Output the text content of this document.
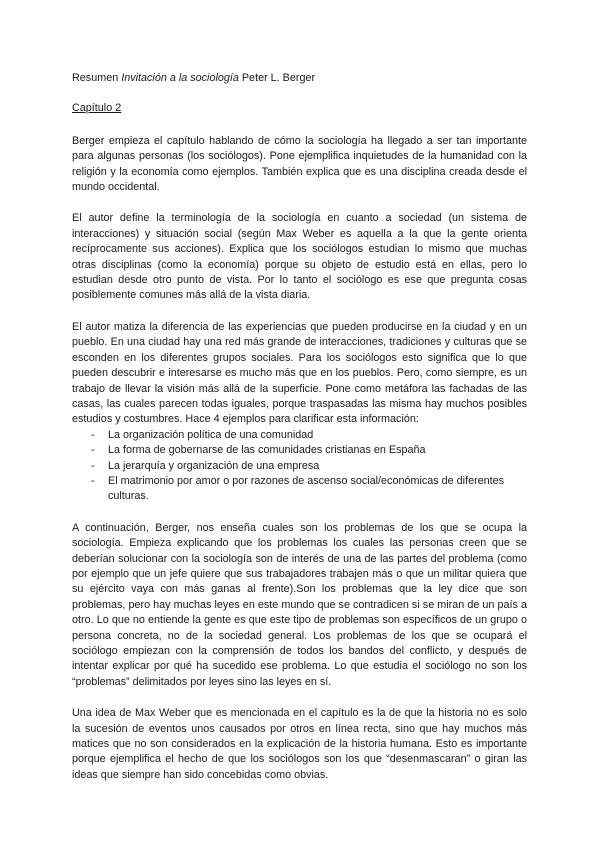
Resumen Invitación a la sociología Peter L. Berger

Capítulo 2

Berger empieza el capítulo hablando de cómo la sociología ha llegado a ser tan importante para algunas personas (los sociólogos). Pone ejemplifica inquietudes de la humanidad con la religión y la economía como ejemplos. También explica que es una disciplina creada desde el mundo occidental.

El autor define la terminología de la sociología en cuanto a sociedad (un sistema de interacciones) y situación social (según Max Weber es aquella a la que la gente orienta recíprocamente sus acciones). Explica que los sociólogos estudian lo mismo que muchas otras disciplinas (como la economía) porque su objeto de estudio está en ellas, pero lo estudian desde otro punto de vista. Por lo tanto el sociólogo es ese que pregunta cosas posiblemente comunes más allá de la vista diaria.

El autor matiza la diferencia de las experiencias que pueden producirse en la ciudad y en un pueblo. En una ciudad hay una red más grande de interacciones, tradiciones y culturas que se esconden en los diferentes grupos sociales. Para los sociólogos esto significa que lo que pueden descubrir e interesarse es mucho más que en los pueblos. Pero, como siempre, es un trabajo de llevar la visión más allá de la superficie. Pone como metáfora las fachadas de las casas, las cuales parecen todas iguales, porque traspasadas las misma hay muchos posibles estudios y costumbres. Hace 4 ejemplos para clarificar esta información:

- La organización política de una comunidad
- La forma de gobernarse de las comunidades cristianas en España
- La jerarquía y organización de una empresa
- El matrimonio por amor o por razones de ascenso social/económicas de diferentes culturas.

A continuación, Berger, nos enseña cuales son los problemas de los que se ocupa la sociología. Empieza explicando que los problemas los cuales las personas creen que se deberían solucionar con la sociología son de interés de una de las partes del problema (como por ejemplo que un jefe quiere que sus trabajadores trabajen más o que un militar quiera que su ejército vaya con más ganas al frente).Son los problemas que la ley dice que son problemas, pero hay muchas leyes en este mundo que se contradicen si se miran de un país a otro. Lo que no entiende la gente es que este tipo de problemas son específicos de un grupo o persona concreta, no de la sociedad general. Los problemas de los que se ocupará el sociólogo empiezan con la comprensión de todos los bandos del conflicto, y después de intentar explicar por qué ha sucedido ese problema. Lo que estudia el sociólogo no son los “problemas” delimitados por leyes sino las leyes en sí.

Una idea de Max Weber que es mencionada en el capítulo es la de que la historia no es solo la sucesión de eventos unos causados por otros en línea recta, sino que hay muchos más matices que no son considerados en la explicación de la historia humana. Esto es importante porque ejemplifica el hecho de que los sociólogos son los que “desenmascaran” o giran las ideas que siempre han sido concebidas como obvias.
